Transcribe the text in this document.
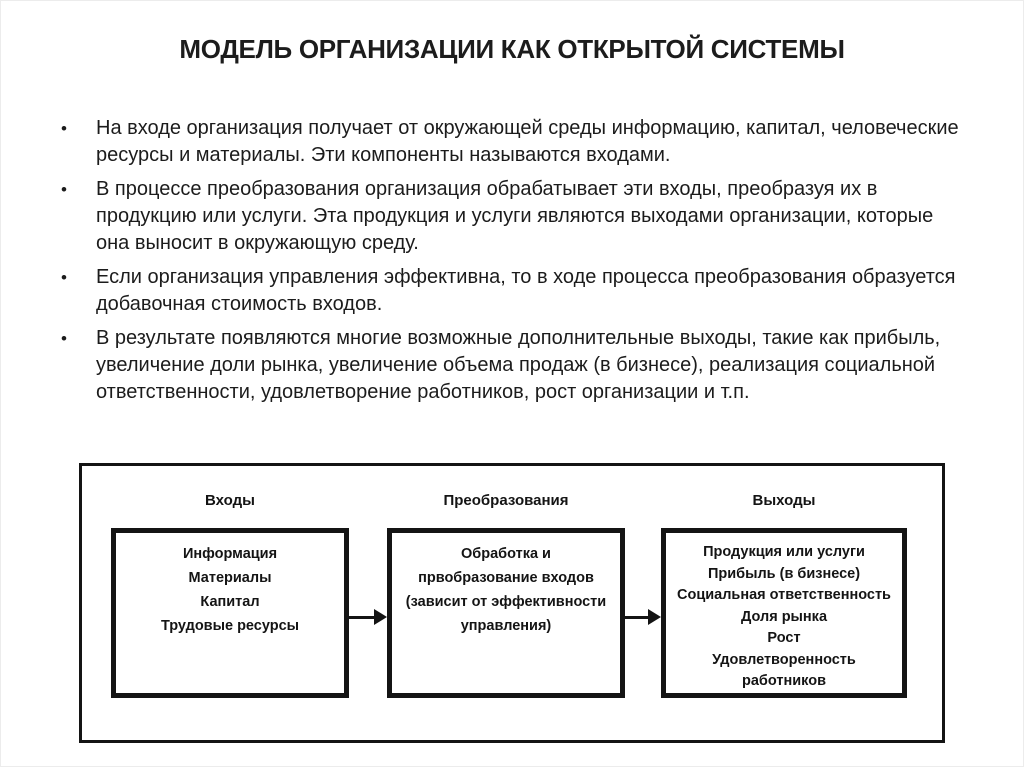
МОДЕЛЬ ОРГАНИЗАЦИИ КАК ОТКРЫТОЙ СИСТЕМЫ
•	На входе организация получает от окружающей среды информацию, капитал, человеческие ресурсы и материалы. Эти компоненты называются входами.
•	В процессе преобразования организация обрабатывает эти входы, преобразуя их в продукцию или услуги. Эта продукция и услуги являются выходами организации, которые она выносит в окружающую среду.
•	Если организация управления эффективна, то в ходе процесса преобразования образуется добавочная стоимость входов.
•	В результате появляются многие возможные дополнительные выходы, такие как прибыль, увеличение доли рынка, увеличение объема продаж (в бизнесе), реализация социальной ответственности, удовлетворение работников, рост организации и т.п.
Входы	Преобразования	Выходы
Информация
Материалы
Капитал
Трудовые ресурсы
Обработка и
првобразование входов
(зависит от эффективности
управления)
Продукция или услуги
Прибыль (в бизнесе)
Социальная ответственность
Доля рынка
Рост
Удовлетворенность
работников
